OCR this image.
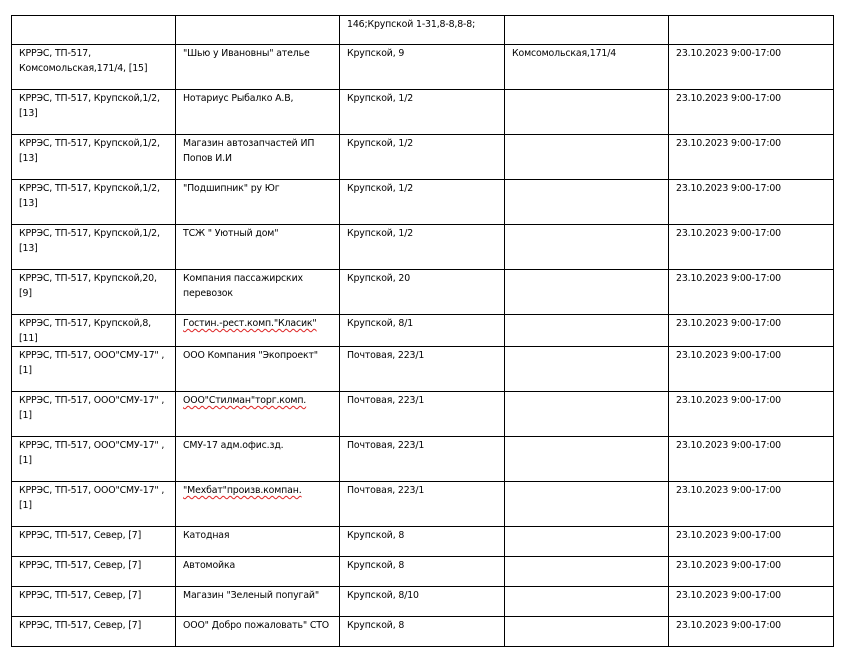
		146;Крупской 1-31,8-8,8-8;		
КРРЭС, ТП-517, Комсомольская,171/4, [15]	"Шью у Ивановны" ателье	Крупской, 9	Комсомольская,171/4	23.10.2023 9:00-17:00
КРРЭС, ТП-517, Крупской,1/2, [13]	Нотариус Рыбалко А.В,	Крупской, 1/2		23.10.2023 9:00-17:00
КРРЭС, ТП-517, Крупской,1/2, [13]	Магазин автозапчастей ИП Попов И.И	Крупской, 1/2		23.10.2023 9:00-17:00
КРРЭС, ТП-517, Крупской,1/2, [13]	"Подшипник" ру Юг	Крупской, 1/2		23.10.2023 9:00-17:00
КРРЭС, ТП-517, Крупской,1/2, [13]	ТСЖ " Уютный дом"	Крупской, 1/2		23.10.2023 9:00-17:00
КРРЭС, ТП-517, Крупской,20, [9]	Компания пассажирских перевозок	Крупской, 20		23.10.2023 9:00-17:00
КРРЭС, ТП-517, Крупской,8, [11]	Гостин.-рест.комп."Класик"	Крупской, 8/1		23.10.2023 9:00-17:00
КРРЭС, ТП-517, ООО"СМУ-17" , [1]	ООО Компания "Экопроект"	Почтовая, 223/1		23.10.2023 9:00-17:00
КРРЭС, ТП-517, ООО"СМУ-17" , [1]	ООО"Стилман"торг.комп.	Почтовая, 223/1		23.10.2023 9:00-17:00
КРРЭС, ТП-517, ООО"СМУ-17" , [1]	СМУ-17 адм.офис.зд.	Почтовая, 223/1		23.10.2023 9:00-17:00
КРРЭС, ТП-517, ООО"СМУ-17" , [1]	"Мехбат"произв.компан.	Почтовая, 223/1		23.10.2023 9:00-17:00
КРРЭС, ТП-517, Север, [7]	Катодная	Крупской, 8		23.10.2023 9:00-17:00
КРРЭС, ТП-517, Север, [7]	Автомойка	Крупской, 8		23.10.2023 9:00-17:00
КРРЭС, ТП-517, Север, [7]	Магазин "Зеленый попугай"	Крупской, 8/10		23.10.2023 9:00-17:00
КРРЭС, ТП-517, Север, [7]	ООО" Добро пожаловать" СТО	Крупской, 8		23.10.2023 9:00-17:00
